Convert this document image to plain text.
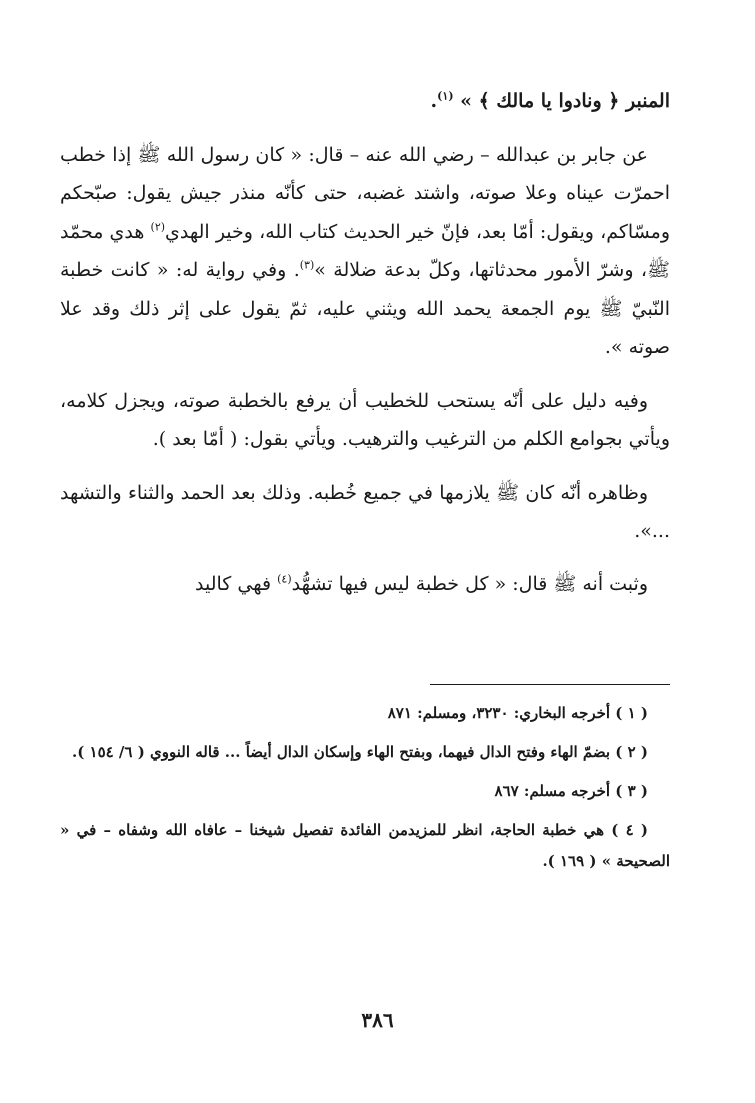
المنبر ﴿ ونادوا يا مالك ﴾ » $^{(١)}$.

عن جابر بن عبدالله – رضي الله عنه – قال: « كان رسول الله ﷺ إذا خطب احمرّت عيناه وعلا صوته، واشتد غضبه، حتى كأنّه منذر جيش يقول: صبّحكم ومسّاكم، ويقول: أمّا بعد، فإنّ خير الحديث كتاب الله، وخير الهدي$^{(٢)}$ هدي محمّد ﷺ، وشرّ الأمور محدثاتها، وكلّ بدعة ضلالة »$^{(٣)}$. وفي رواية له: « كانت خطبة النّبيّ ﷺ يوم الجمعة يحمد الله ويثني عليه، ثمّ يقول على إثر ذلك وقد علا صوته ».

وفيه دليل على أنّه يستحب للخطيب أن يرفع بالخطبة صوته، ويجزل كلامه، ويأتي بجوامع الكلم من الترغيب والترهيب. ويأتي بقول: ( أمّا بعد ).

وظاهره أنّه كان ﷺ يلازمها في جميع خُطبه. وذلك بعد الحمد والثناء والتشهد ...».

وثبت أنه ﷺ قال: « كل خطبة ليس فيها تشهُّد$^{(٤)}$ فهي كاليد

( ١ ) أخرجه البخاري: ٣٢٣٠، ومسلم: ٨٧١

( ٢ ) بضمّ الهاء وفتح الدال فيهما، وبفتح الهاء وإسكان الدال أيضاً ... قاله النووي ( ٦/ ١٥٤ ).

( ٣ ) أخرجه مسلم: ٨٦٧

( ٤ ) هي خطبة الحاجة، انظر للمزيدمن الفائدة تفصيل شيخنا – عافاه الله وشفاه – في « الصحيحة » ( ١٦٩ ).

٣٨٦
